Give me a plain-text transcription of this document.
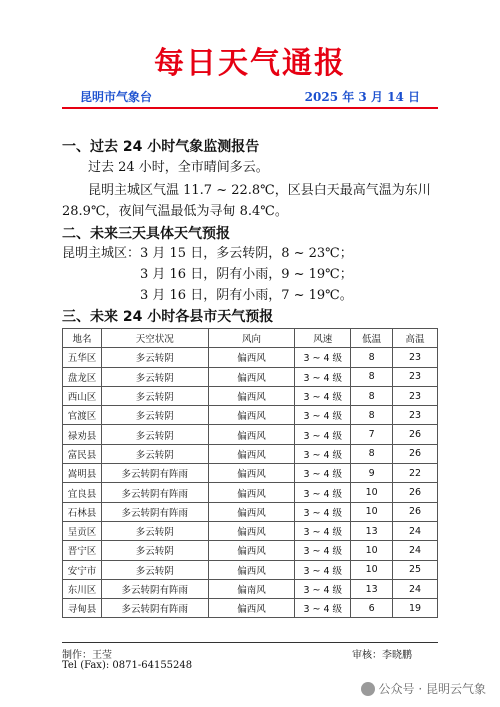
每日天气通报
昆明市气象台	2025 年 3 月 14 日
一、过去 24 小时气象监测报告
过去 24 小时，全市晴间多云。
昆明主城区气温 11.7 ~ 22.8℃，区县白天最高气温为东川
28.9℃，夜间气温最低为寻甸 8.4℃。
二、未来三天具体天气预报
昆明主城区：3 月 15 日，多云转阴，8 ~ 23℃；
3 月 16 日，阴有小雨，9 ~ 19℃；
3 月 16 日，阴有小雨，7 ~ 19℃。
三、未来 24 小时各县市天气预报
地名	天空状况	风向	风速	低温	高温
五华区	多云转阴	偏西风	3 ~ 4 级	8	23
盘龙区	多云转阴	偏西风	3 ~ 4 级	8	23
西山区	多云转阴	偏西风	3 ~ 4 级	8	23
官渡区	多云转阴	偏西风	3 ~ 4 级	8	23
禄劝县	多云转阴	偏西风	3 ~ 4 级	7	26
富民县	多云转阴	偏西风	3 ~ 4 级	8	26
嵩明县	多云转阴有阵雨	偏西风	3 ~ 4 级	9	22
宜良县	多云转阴有阵雨	偏西风	3 ~ 4 级	10	26
石林县	多云转阴有阵雨	偏西风	3 ~ 4 级	10	26
呈贡区	多云转阴	偏西风	3 ~ 4 级	13	24
晋宁区	多云转阴	偏西风	3 ~ 4 级	10	24
安宁市	多云转阴	偏西风	3 ~ 4 级	10	25
东川区	多云转阴有阵雨	偏南风	3 ~ 4 级	13	24
寻甸县	多云转阴有阵雨	偏西风	3 ~ 4 级	6	19
制作：王莹	审核：李晓鹏
Tel (Fax): 0871-64155248
公众号 · 昆明云气象
